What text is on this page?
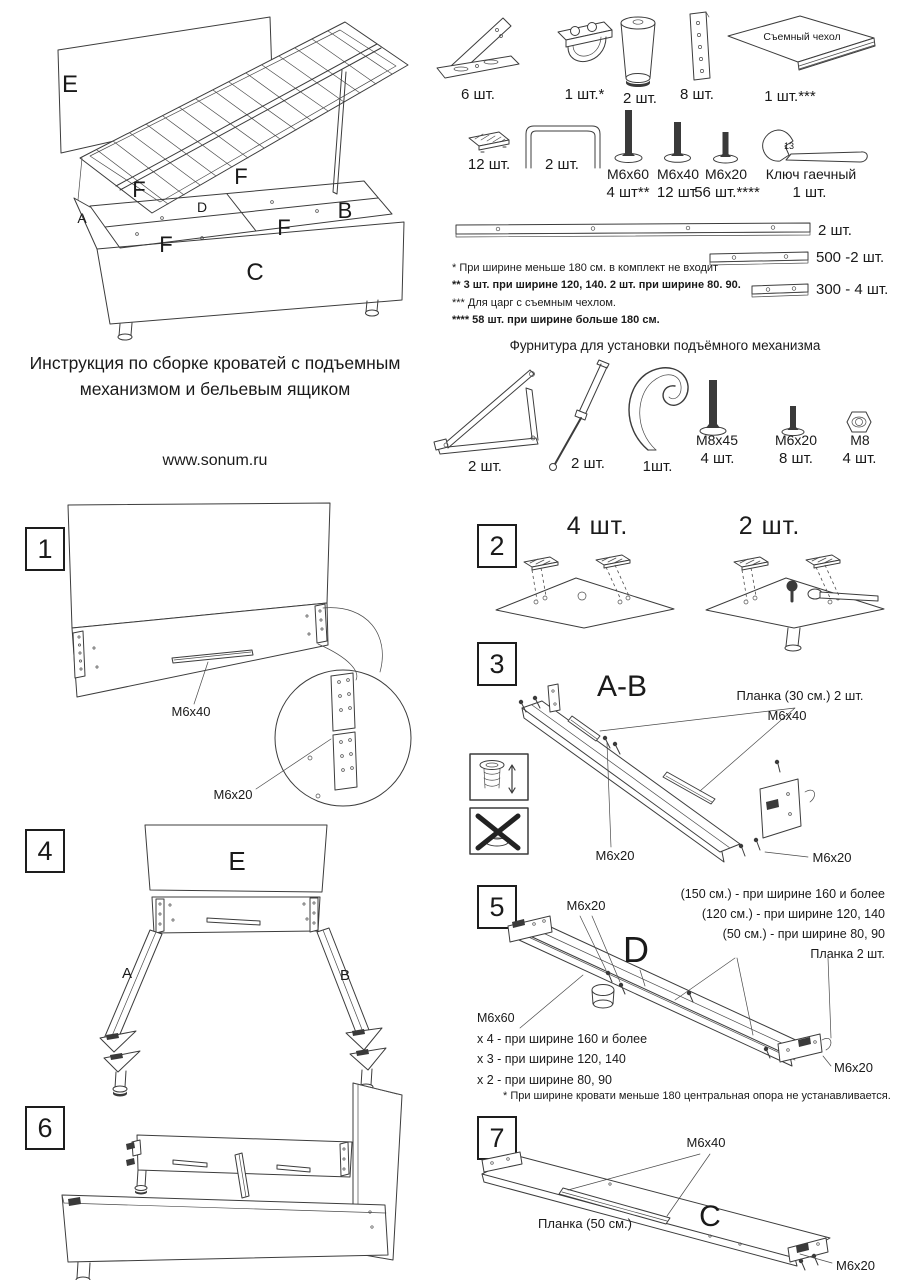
E
F
F
F
F
A
D	B
C
6 шт.	1 шт.*	2 шт.	8 шт.
Съемный чехол
1 шт.***
12 шт.	2 шт.
M6x60
4 шт**
M6x40
12 шт.
M6x20
56 шт.****
13
Ключ гаечный
1 шт.
2 шт.
500 -2 шт.
300 - 4 шт.
* При ширине меньше 180 см. в комплект не входит
** 3 шт. при ширине 120, 140. 2 шт. при ширине 80. 90.
*** Для царг с съемным чехлом.
**** 58 шт. при ширине больше 180 см.
Фурнитура для установки подъёмного механизма
2 шт.	2 шт.	1шт.
M8x45
4 шт.
M6x20
8 шт.
M8
4 шт.
Инструкция по сборке кроватей с подъемным
механизмом и бельевым ящиком
www.sonum.ru
1
M6x40
M6x20
2
4 шт.	2 шт.
3
A-B	Планка (30 см.) 2 шт.
M6x40
M6x20	M6x20
4	E
A	B
5	M6x20
D
M6x20
(150 см.) - при ширине 160 и более
(120 см.) - при ширине 120, 140
(50 см.) - при ширине 80, 90
Планка 2 шт.
M6x60
х 4 - при ширине 160 и более
х 3 - при ширине 120, 140
х 2 - при ширине 80, 90
* При ширине кровати меньше 180 центральная опора не устанавливается.
6	7	M6x40
Планка (50 см.) C
M6x20
